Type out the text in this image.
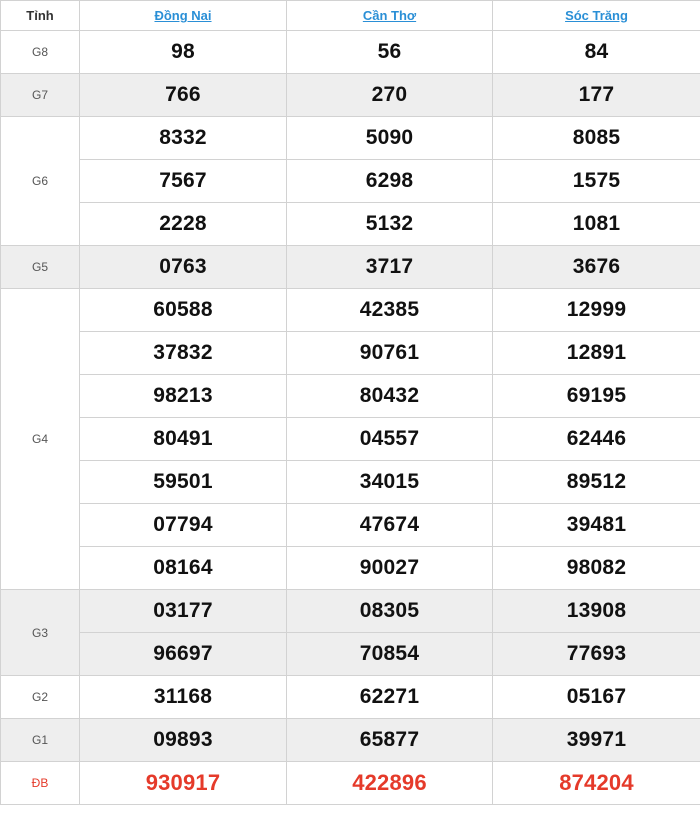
Tỉnh	Đồng Nai	Cần Thơ	Sóc Trăng
G8	98	56	84
G7	766	270	177
G6	8332	5090	8085
	7567	6298	1575
	2228	5132	1081
G5	0763	3717	3676
G4	60588	42385	12999
	37832	90761	12891
	98213	80432	69195
	80491	04557	62446
	59501	34015	89512
	07794	47674	39481
	08164	90027	98082
G3	03177	08305	13908
	96697	70854	77693
G2	31168	62271	05167
G1	09893	65877	39971
ĐB	930917	422896	874204
